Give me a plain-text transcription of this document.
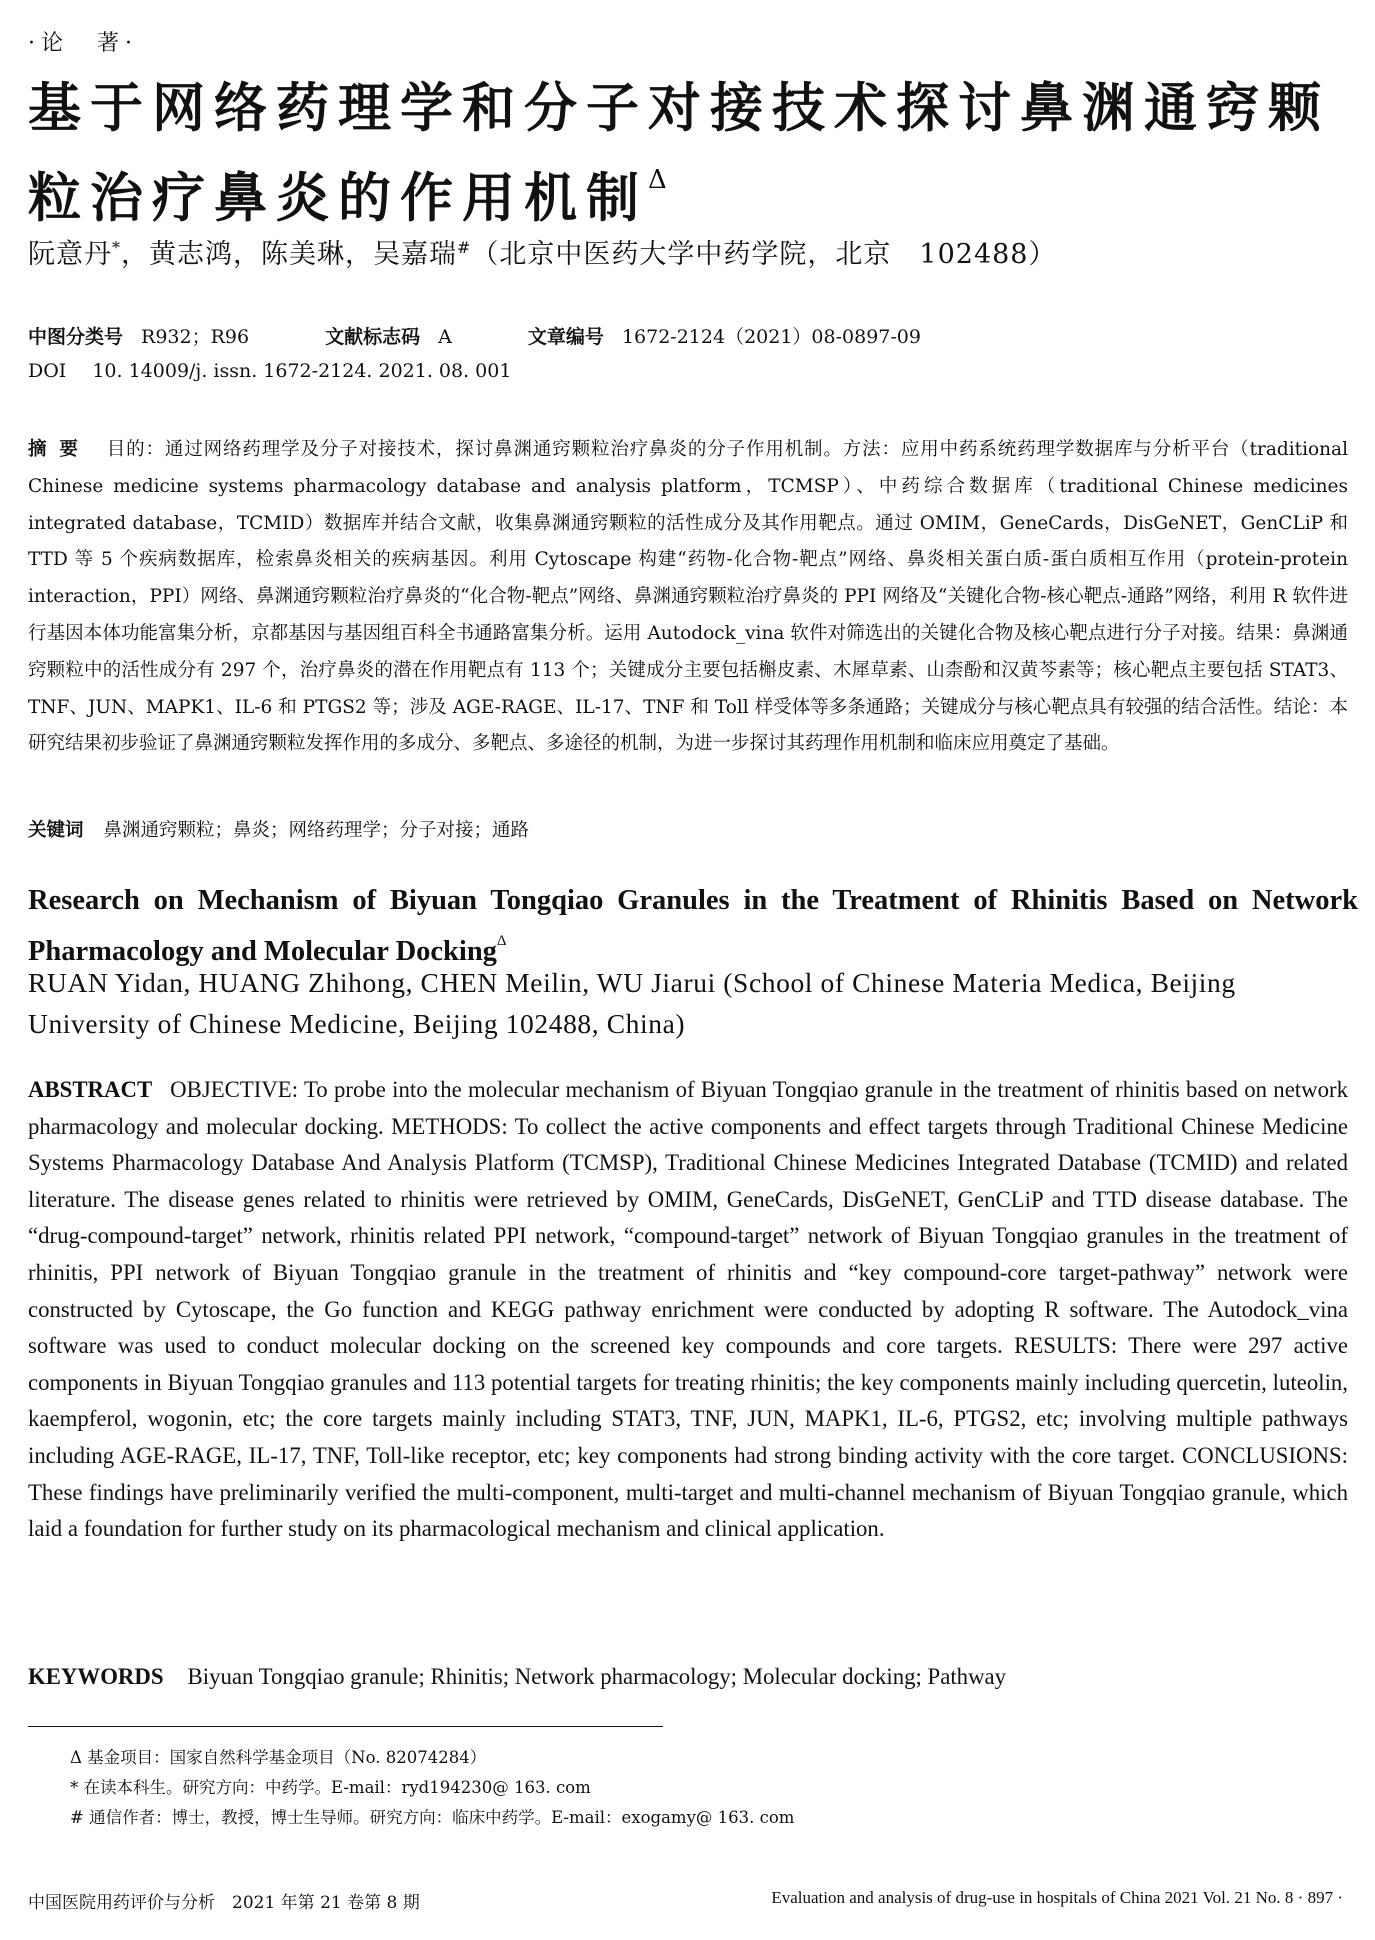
·论　著·
基于网络药理学和分子对接技术探讨鼻渊通窍颗粒治疗鼻炎的作用机制$^\Delta$
阮意丹*，黄志鸿，陈美琳，吴嘉瑞#（北京中医药大学中药学院，北京　102488）
中图分类号 R932；R96	文献标志码 A	文章编号 1672-2124（2021）08-0897-09
DOI 10. 14009/j. issn. 1672-2124. 2021. 08. 001
摘要 目的：通过网络药理学及分子对接技术，探讨鼻渊通窍颗粒治疗鼻炎的分子作用机制。方法：应用中药系统药理学数据库与分析平台（traditional Chinese medicine systems pharmacology database and analysis platform，TCMSP）、中药综合数据库（traditional Chinese medicines integrated database，TCMID）数据库并结合文献，收集鼻渊通窍颗粒的活性成分及其作用靶点。通过 OMIM，GeneCards，DisGeNET，GenCLiP 和 TTD 等 5 个疾病数据库，检索鼻炎相关的疾病基因。利用 Cytoscape 构建“药物-化合物-靶点”网络、鼻炎相关蛋白质-蛋白质相互作用（protein-protein interaction，PPI）网络、鼻渊通窍颗粒治疗鼻炎的“化合物-靶点”网络、鼻渊通窍颗粒治疗鼻炎的 PPI 网络及“关键化合物-核心靶点-通路”网络，利用 R 软件进行基因本体功能富集分析，京都基因与基因组百科全书通路富集分析。运用 Autodock_vina 软件对筛选出的关键化合物及核心靶点进行分子对接。结果：鼻渊通窍颗粒中的活性成分有 297 个，治疗鼻炎的潜在作用靶点有 113 个；关键成分主要包括槲皮素、木犀草素、山柰酚和汉黄芩素等；核心靶点主要包括 STAT3、TNF、JUN、MAPK1、IL-6 和 PTGS2 等；涉及 AGE-RAGE、IL-17、TNF 和 Toll 样受体等多条通路；关键成分与核心靶点具有较强的结合活性。结论：本研究结果初步验证了鼻渊通窍颗粒发挥作用的多成分、多靶点、多途径的机制，为进一步探讨其药理作用机制和临床应用奠定了基础。
关键词 鼻渊通窍颗粒；鼻炎；网络药理学；分子对接；通路
Research on Mechanism of Biyuan Tongqiao Granules in the Treatment of Rhinitis Based on Network Pharmacology and Molecular Docking$^\Delta$
RUAN Yidan, HUANG Zhihong, CHEN Meilin, WU Jiarui (School of Chinese Materia Medica, Beijing University of Chinese Medicine, Beijing 102488, China)
ABSTRACT OBJECTIVE: To probe into the molecular mechanism of Biyuan Tongqiao granule in the treatment of rhinitis based on network pharmacology and molecular docking. METHODS: To collect the active components and effect targets through Traditional Chinese Medicine Systems Pharmacology Database And Analysis Platform (TCMSP), Traditional Chinese Medicines Integrated Database (TCMID) and related literature. The disease genes related to rhinitis were retrieved by OMIM, GeneCards, DisGeNET, GenCLiP and TTD disease database. The “drug-compound-target” network, rhinitis related PPI network, “compound-target” network of Biyuan Tongqiao granules in the treatment of rhinitis, PPI network of Biyuan Tongqiao granule in the treatment of rhinitis and “key compound-core target-pathway” network were constructed by Cytoscape, the Go function and KEGG pathway enrichment were conducted by adopting R software. The Autodock_vina software was used to conduct molecular docking on the screened key compounds and core targets. RESULTS: There were 297 active components in Biyuan Tongqiao granules and 113 potential targets for treating rhinitis; the key components mainly including quercetin, luteolin, kaempferol, wogonin, etc; the core targets mainly including STAT3, TNF, JUN, MAPK1, IL-6, PTGS2, etc; involving multiple pathways including AGE-RAGE, IL-17, TNF, Toll-like receptor, etc; key components had strong binding activity with the core target. CONCLUSIONS: These findings have preliminarily verified the multi-component, multi-target and multi-channel mechanism of Biyuan Tongqiao granule, which laid a foundation for further study on its pharmacological mechanism and clinical application.
KEYWORDS Biyuan Tongqiao granule; Rhinitis; Network pharmacology; Molecular docking; Pathway
Δ 基金项目：国家自然科学基金项目（No. 82074284）
* 在读本科生。研究方向：中药学。E-mail：ryd194230@ 163. com
# 通信作者：博士，教授，博士生导师。研究方向：临床中药学。E-mail：exogamy@ 163. com
中国医院用药评价与分析　2021 年第 21 卷第 8 期	Evaluation and analysis of drug-use in hospitals of China 2021 Vol. 21 No. 8 · 897 ·
